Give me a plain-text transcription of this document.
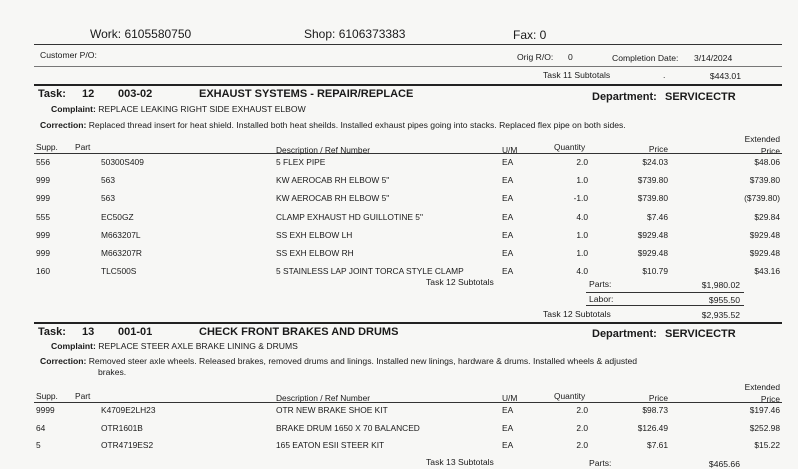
Work: 6105580750	Shop: 6106373383	Fax: 0
Customer P/O:	Orig R/O: 0	Completion Date: 3/14/2024
Task 11 Subtotals	.	$443.01
Task: 12 003-02	EXHAUST SYSTEMS - REPAIR/REPLACE	Department: SERVICECTR
Complaint: REPLACE LEAKING RIGHT SIDE EXHAUST ELBOW
Correction: Replaced thread insert for heat shield. Installed both heat sheilds. Installed exhaust pipes going into stacks. Replaced flex pipe on both sides.
Supp. Part	Description / Ref Number	U/M	Quantity	Price
Extended
Price
556	50300S409	5 FLEX PIPE	EA	2.0	$24.03	$48.06
999	563	KW AEROCAB RH ELBOW 5"	EA	1.0	$739.80	$739.80
999	563	KW AEROCAB RH ELBOW 5"	EA	-1.0	$739.80	($739.80)
555	EC50GZ	CLAMP EXHAUST HD GUILLOTINE 5"	EA	4.0	$7.46	$29.84
999	M663207L	SS EXH ELBOW LH	EA	1.0	$929.48	$929.48
999	M663207R	SS EXH ELBOW RH	EA	1.0	$929.48	$929.48
160	TLC500S	5 STAINLESS LAP JOINT TORCA STYLE CLAMP	EA	4.0	$10.79	$43.16
Task 12 Subtotals	Parts:	$1,980.02
Labor:	$955.50
Task 12 Subtotals	$2,935.52
Task: 13 001-01	CHECK FRONT BRAKES AND DRUMS	Department: SERVICECTR
Complaint: REPLACE STEER AXLE BRAKE LINING & DRUMS
Correction: Removed steer axle wheels. Released brakes, removed drums and linings. Installed new linings, hardware & drums. Installed wheels & adjusted
brakes.
Supp. Part	Description / Ref Number	U/M	Quantity	Price
Extended
Price
9999	K4709E2LH23	OTR NEW BRAKE SHOE KIT	EA	2.0	$98.73	$197.46
64	OTR1601B	BRAKE DRUM 1650 X 70 BALANCED	EA	2.0	$126.49	$252.98
5	OTR4719ES2	165 EATON ESII STEER KIT	EA	2.0	$7.61	$15.22
Task 13 Subtotals	Parts:	$465.66
